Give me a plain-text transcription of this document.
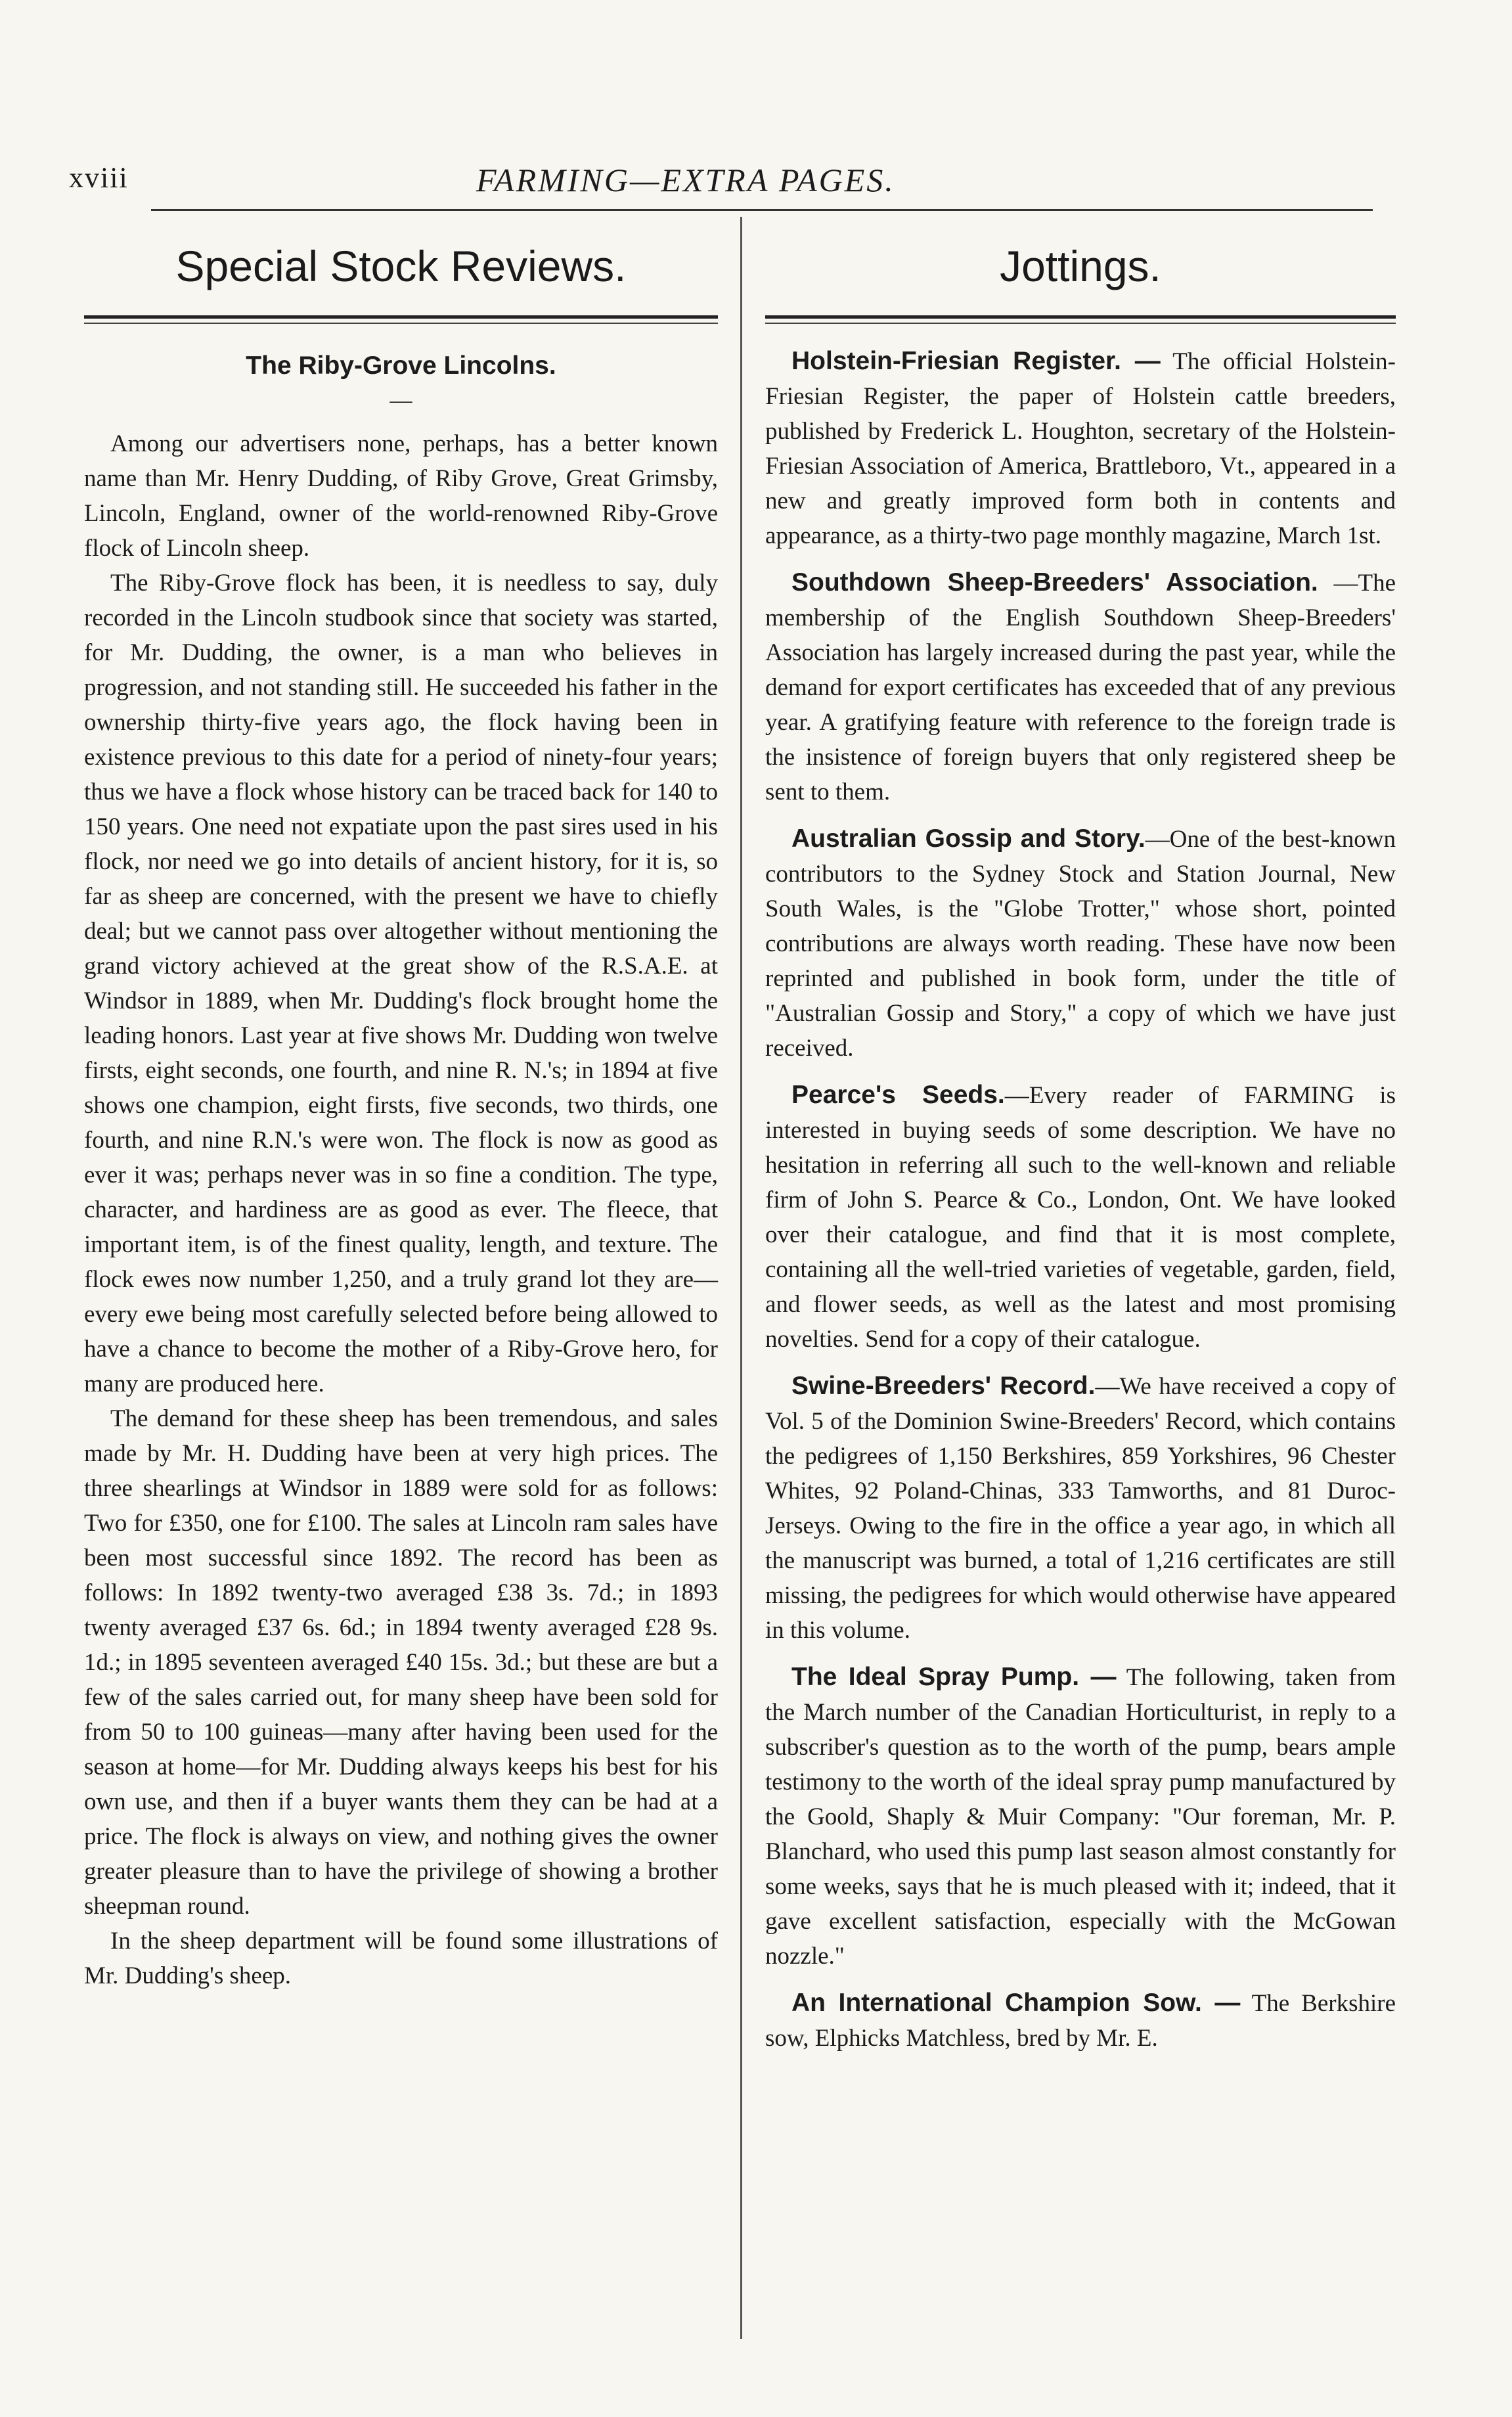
xviii	FARMING—EXTRA PAGES.
Special Stock Reviews.
The Riby-Grove Lincolns.
—

Among our advertisers none, perhaps, has a better known name than Mr. Henry Dudding, of Riby Grove, Great Grimsby, Lincoln, England, owner of the world-renowned Riby-Grove flock of Lincoln sheep.

The Riby-Grove flock has been, it is needless to say, duly recorded in the Lincoln studbook since that society was started, for Mr. Dudding, the owner, is a man who believes in progression, and not standing still. He succeeded his father in the ownership thirty-five years ago, the flock having been in existence previous to this date for a period of ninety-four years; thus we have a flock whose history can be traced back for 140 to 150 years. One need not expatiate upon the past sires used in his flock, nor need we go into details of ancient history, for it is, so far as sheep are concerned, with the present we have to chiefly deal; but we cannot pass over altogether without mentioning the grand victory achieved at the great show of the R.S.A.E. at Windsor in 1889, when Mr. Dudding's flock brought home the leading honors. Last year at five shows Mr. Dudding won twelve firsts, eight seconds, one fourth, and nine R. N.'s; in 1894 at five shows one champion, eight firsts, five seconds, two thirds, one fourth, and nine R.N.'s were won. The flock is now as good as ever it was; perhaps never was in so fine a condition. The type, character, and hardiness are as good as ever. The fleece, that important item, is of the finest quality, length, and texture. The flock ewes now number 1,250, and a truly grand lot they are—every ewe being most carefully selected before being allowed to have a chance to become the mother of a Riby-Grove hero, for many are produced here.

The demand for these sheep has been tremendous, and sales made by Mr. H. Dudding have been at very high prices. The three shearlings at Windsor in 1889 were sold for as follows: Two for £350, one for £100. The sales at Lincoln ram sales have been most successful since 1892. The record has been as follows: In 1892 twenty-two averaged £38 3s. 7d.; in 1893 twenty averaged £37 6s. 6d.; in 1894 twenty averaged £28 9s. 1d.; in 1895 seventeen averaged £40 15s. 3d.; but these are but a few of the sales carried out, for many sheep have been sold for from 50 to 100 guineas—many after having been used for the season at home—for Mr. Dudding always keeps his best for his own use, and then if a buyer wants them they can be had at a price. The flock is always on view, and nothing gives the owner greater pleasure than to have the privilege of showing a brother sheepman round.

In the sheep department will be found some illustrations of Mr. Dudding's sheep.

Jottings.

Holstein-Friesian Register. — The official Holstein-Friesian Register, the paper of Holstein cattle breeders, published by Frederick L. Houghton, secretary of the Holstein-Friesian Association of America, Brattleboro, Vt., appeared in a new and greatly improved form both in contents and appearance, as a thirty-two page monthly magazine, March 1st.

Southdown Sheep-Breeders' Association. —The membership of the English Southdown Sheep-Breeders' Association has largely increased during the past year, while the demand for export certificates has exceeded that of any previous year. A gratifying feature with reference to the foreign trade is the insistence of foreign buyers that only registered sheep be sent to them.

Australian Gossip and Story.—One of the best-known contributors to the Sydney Stock and Station Journal, New South Wales, is the "Globe Trotter," whose short, pointed contributions are always worth reading. These have now been reprinted and published in book form, under the title of "Australian Gossip and Story," a copy of which we have just received.

Pearce's Seeds.—Every reader of FARMING is interested in buying seeds of some description. We have no hesitation in referring all such to the well-known and reliable firm of John S. Pearce & Co., London, Ont. We have looked over their catalogue, and find that it is most complete, containing all the well-tried varieties of vegetable, garden, field, and flower seeds, as well as the latest and most promising novelties. Send for a copy of their catalogue.

Swine-Breeders' Record.—We have received a copy of Vol. 5 of the Dominion Swine-Breeders' Record, which contains the pedigrees of 1,150 Berkshires, 859 Yorkshires, 96 Chester Whites, 92 Poland-Chinas, 333 Tamworths, and 81 Duroc-Jerseys. Owing to the fire in the office a year ago, in which all the manuscript was burned, a total of 1,216 certificates are still missing, the pedigrees for which would otherwise have appeared in this volume.

The Ideal Spray Pump. — The following, taken from the March number of the Canadian Horticulturist, in reply to a subscriber's question as to the worth of the pump, bears ample testimony to the worth of the ideal spray pump manufactured by the Goold, Shaply & Muir Company: "Our foreman, Mr. P. Blanchard, who used this pump last season almost constantly for some weeks, says that he is much pleased with it; indeed, that it gave excellent satisfaction, especially with the McGowan nozzle."

An International Champion Sow. — The Berkshire sow, Elphicks Matchless, bred by Mr. E.
